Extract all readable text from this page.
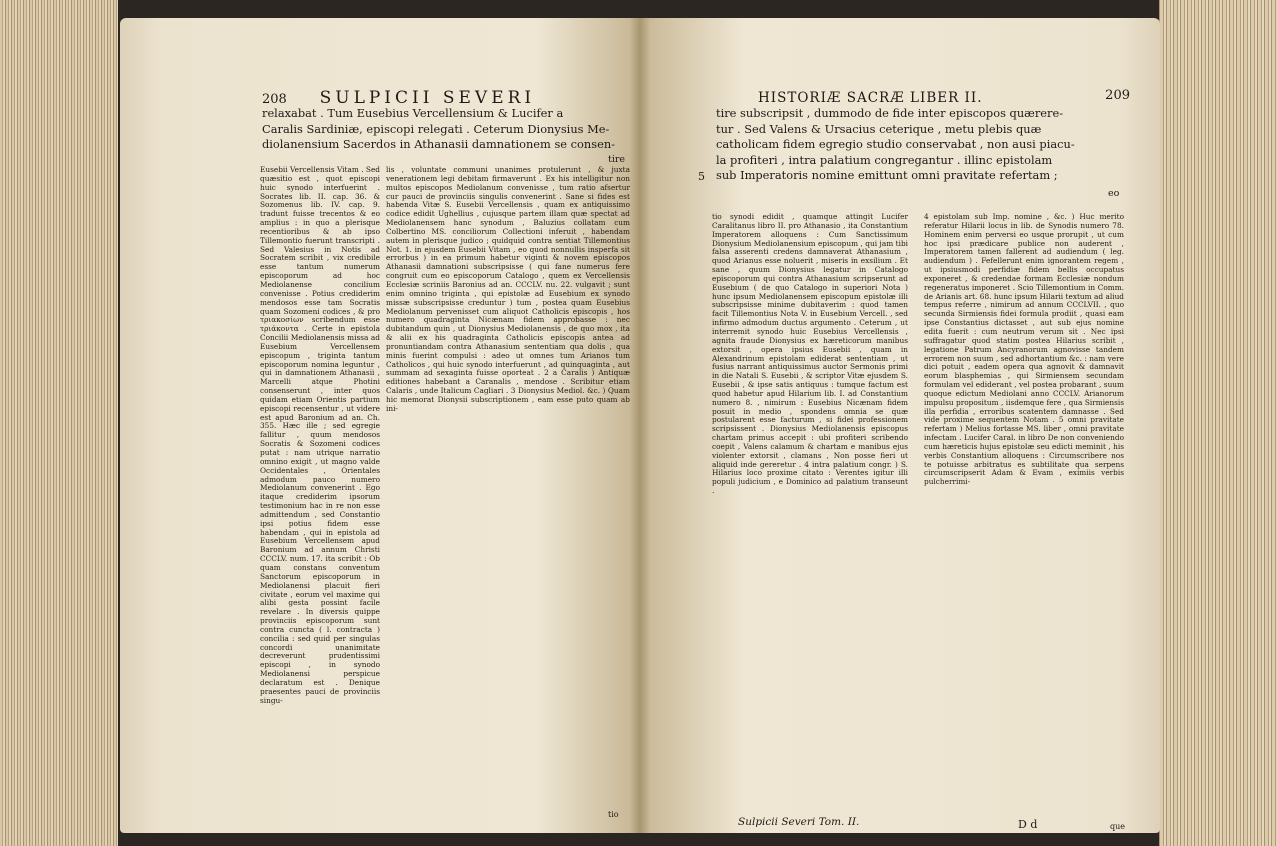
208 SULPICII SEVERI

relaxabat . Tum Eusebius Vercellensium & Lucifer a

Caralis Sardiniæ, episcopi relegati . Ceterum Dionysius Me-

diolanensium Sacerdos in Athanasii damnationem se consen-

tire

Eusebii Vercellensis Vitam . Sed quæsitio est , quot episcopi huic synodo interfuerint . Socrates lib. II. cap. 36. & Sozomenus lib. IV. cap. 9. tradunt fuisse trecentos & eo amplius : in quo a plerisque recentioribus & ab ipso Tillemontio fuerunt transcripti . Sed Valesius in Notis ad Socratem scribit , vix credibile esse tantum numerum episcoporum ad hoc Mediolanense concilium convenisse . Potius crediderim mendosos esse tam Socratis quam Sozomeni codices , & pro τριακοσίων scribendum esse τριάκοντα . Certe in epistola Concilii Mediolanensis missa ad Eusebium Vercellensem episcopum , triginta tantum episcoporum nomina leguntur , qui in damnationem Athanasii , Marcelli atque Photini consenserunt , inter quos quidam etiam Orientis partium episcopi recensentur , ut videre est apud Baronium ad an. Ch. 355. Hæc ille ; sed egregie fallitur , quum mendosos Socratis & Sozomeni codices putat : nam utrique narratio omnino exigit , ut magno valde Occidentales , Orientales admodum pauco numero Mediolanum convenerint . Ego itaque crediderim ipsorum testimonium hac in re non esse admittendum , sed Constantio ipsi potius fidem esse habendam , qui in epistola ad Eusebium Vercellensem apud Baronium ad annum Christi CCCLV. num. 17. ita scribit : Ob quam constans conventum Sanctorum episcoporum in Mediolanensi placuit fieri civitate , eorum vel maxime qui alibi gesta possint facile revelare . In diversis quippe provinciis episcoporum sunt contra cuncta ( l. contracta ) concilia : sed quid per singulas concordi unanimitate decreverunt prudentissimi episcopi , in synodo Mediolanensi perspicue declaratum est . Denique praesentes pauci de provinciis singu-

lis , voluntate communi unanimes protulerunt , & juxta venerationem legi debitam firmaverunt . Ex his intelligitur non multos episcopos Mediolanum convenisse , tum ratio afsertur cur pauci de provinciis singulis convenerint . Sane si fides est habenda Vitæ S. Eusebii Vercellensis , quam ex antiquissimo codice edidit Ughellius , cujusque partem illam quæ spectat ad Mediolanensem hanc synodum , Baluzius collatam cum Colbertino MS. conciliorum Collectioni inferuit , habendam autem in plerisque judico ; quidquid contra sentiat Tillemontius Not. 1. in ejusdem Eusebii Vitam , eo quod nonnullis insperfa sit errorbus ) in ea primum habetur viginti & novem episcopos Athanasii damnationi subscripsisse ( qui fane numerus fere congruit cum eo episcoporum Catalogo , quem ex Vercellensis Ecclesiæ scriniis Baronius ad an. CCCLV. nu. 22. vulgavit ; sunt enim omnino triginta , qui epistolæ ad Eusebium ex synodo missæ subscripsisse creduntur ) tum , postea quam Eusebius Mediolanum pervenisset cum aliquot Catholicis episcopis , hos numero quadraginta Nicænam fidem approbasse : nec dubitandum quin , ut Dionysius Mediolanensis , de quo mox , ita & alii ex his quadraginta Catholicis episcopis antea ad pronuntiandam contra Athanasium sententiam qua dolis , qua minis fuerint compulsi : adeo ut omnes tum Arianos tum Catholicos , qui huic synodo interfuerunt , ad quinquaginta , aut summam ad sexaginta fuisse oporteat . 2 a Caralis ) Antiquæ editiones habebant a Caranalis , mendose . Scribitur etiam Calaris , unde Italicum Cagliari . 3 Dionysius Mediol. &c. ) Quam hic memorat Dionysii subscriptionem , eam esse puto quam ab ini-

tio
HISTORIÆ SACRÆ LIBER II.	209

tire subscripsit , dummodo de fide inter episcopos quærere-

tur . Sed Valens & Ursacius ceterique , metu plebis quæ

catholicam fidem egregio studio conservabat , non ausi piacu-

la profiteri , intra palatium congregantur . illinc epistolam

sub Imperatoris nomine emittunt omni pravitate refertam ;

5
eo

tio synodi edidit , quamque attingit Lucifer Caralitanus libro II. pro Athanasio , ita Constantium Imperatorem alloquens : Cum Sanctissimum Dionysium Mediolanensium episcopum , qui jam tibi falsa asserenti credens damnaverat Athanasium , quod Arianus esse noluerit , miseris in exsilium . Et sane , quum Dionysius legatur in Catalogo episcoporum qui contra Athanasium scripserunt ad Eusebium ( de quo Catalogo in superiori Nota ) hunc ipsum Mediolanensem episcopum epistolæ illi subscripsisse minime dubitaverim : quod tamen facit Tillemontius Nota V. in Eusebium Vercell. , sed infirmo admodum ductus argumento . Ceterum , ut interremit synodo huic Eusebius Vercellensis , agnita fraude Dionysius ex hæreticorum manibus extorsit , opera ipsius Eusebii , quam in Alexandrinum epistolam ediderat sententiam , ut fusius narrant antiquissimus auctor Sermonis primi in die Natali S. Eusebii , & scriptor Vitæ ejusdem S. Eusebii , & ipse satis antiquus : tumque factum est quod habetur apud Hilarium lib. I. ad Constantium numero 8. , nimirum : Eusebius Nicænam fidem posuit in medio , spondens omnia se quæ postularent esse facturum , si fidei professionem scripsissent . Dionysius Mediolanensis episcopus chartam primus accepit : ubi profiteri scribendo coepit , Valens calamum & chartam e manibus ejus violenter extorsit , clamans , Non posse fieri ut aliquid inde gereretur . 4 intra palatium congr. ) S. Hilarius loco proxime citato : Verentes igitur illi populi judicium , e Dominico ad palatium transeunt .

Sulpicii Severi Tom. II.

4 epistolam sub Imp. nomine , &c. ) Huc merito referatur Hilarii locus in lib. de Synodis numero 78. Hominem enim perversi eo usque prorupit , ut cum hoc ipsi prædicare publice non auderent , Imperatorem tamen fallerent ad audiendum ( leg. audiendum ) . Fefellerunt enim ignorantem regem , ut ipsiusmodi perfidiæ fidem bellis occupatus exponeret , & credendae formam Ecclesiæ nondum regeneratus imponeret . Scio Tillemontium in Comm. de Arianis art. 68. hunc ipsum Hilarii textum ad aliud tempus referre , nimirum ad annum CCCLVII. , quo secunda Sirmiensis fidei formula prodiit , quasi eam ipse Constantius dictasset , aut sub ejus nomine edita fuerit : cum neutrum verum sit . Nec ipsi suffragatur quod statim postea Hilarius scribit , legatione Patrum Ancyranorum agnovisse tandem errorem non suum , sed adhortantium &c. : nam vere dici potuit , eadem opera qua agnovit & damnavit eorum blasphemias , qui Sirmiensem secundam formulam vel ediderant , vel postea probarant , suum quoque edictum Mediolani anno CCCLV. Arianorum impulsu propositum , iisdemque fere , qua Sirmiensis illa perfidia , erroribus scatentem damnasse . Sed vide proxime sequentem Notam . 5 omni pravitate refertam ) Melius fortasse MS. liber , omni pravitate infectam . Lucifer Caral. in libro De non conveniendo cum hæreticis hujus epistolæ seu edicti meminit , his verbis Constantium alloquens : Circumscribere nos te potuisse arbitratus es subtilitate qua serpens circumscripserit Adam & Evam , eximiis verbis pulcherrimi-

D d	que
